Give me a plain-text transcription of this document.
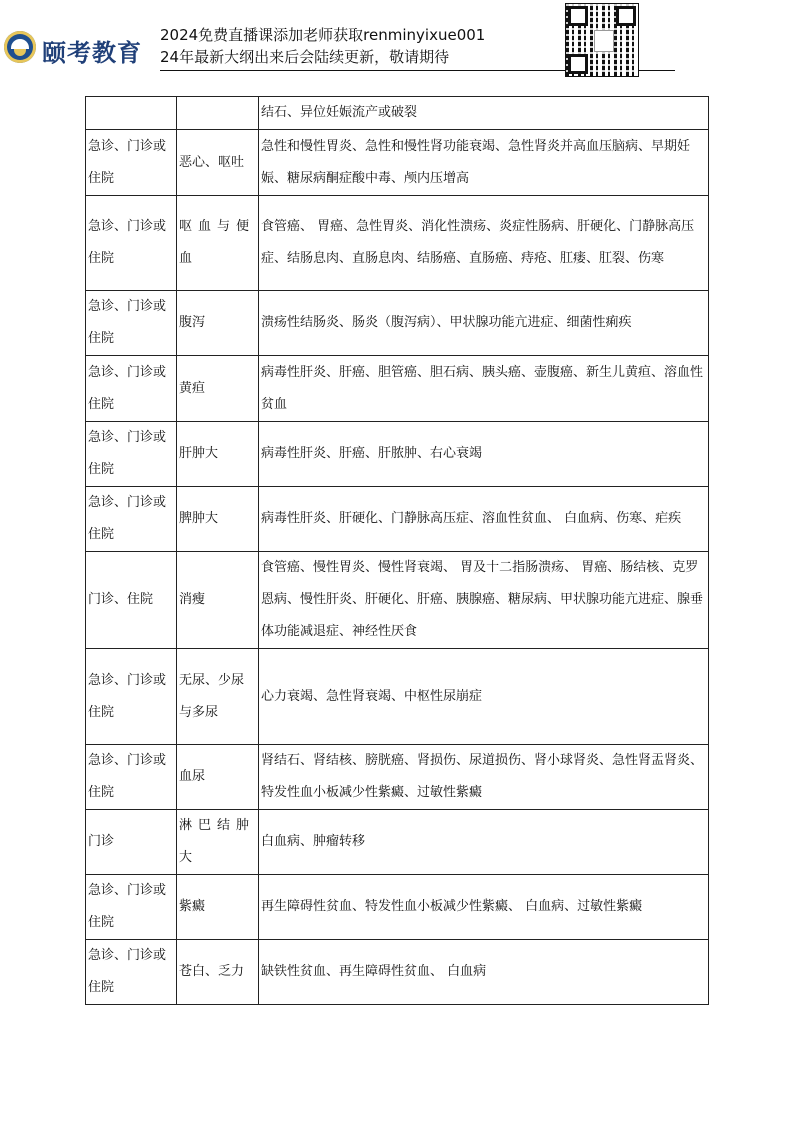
颐考教育
2024免费直播课添加老师获取renminyixue001
24年最新大纲出来后会陆续更新，敬请期待
		结石、异位妊娠流产或破裂
急诊、门诊或住院	恶心、呕吐	急性和慢性胃炎、急性和慢性肾功能衰竭、急性肾炎并高血压脑病、早期妊娠、糖尿病酮症酸中毒、颅内压增高
急诊、门诊或住院	呕血与便血	食管癌、 胃癌、急性胃炎、消化性溃疡、炎症性肠病、肝硬化、门静脉高压症、结肠息肉、直肠息肉、结肠癌、直肠癌、痔疮、肛瘘、肛裂、伤寒
急诊、门诊或住院	腹泻	溃疡性结肠炎、肠炎（腹泻病）、甲状腺功能亢进症、细菌性痢疾
急诊、门诊或住院	黄疸	病毒性肝炎、肝癌、胆管癌、胆石病、胰头癌、壶腹癌、新生儿黄疸、溶血性贫血
急诊、门诊或住院	肝肿大	病毒性肝炎、肝癌、肝脓肿、右心衰竭
急诊、门诊或住院	脾肿大	病毒性肝炎、肝硬化、门静脉高压症、溶血性贫血、 白血病、伤寒、疟疾
门诊、住院	消瘦	食管癌、慢性胃炎、慢性肾衰竭、 胃及十二指肠溃疡、 胃癌、肠结核、克罗恩病、慢性肝炎、肝硬化、肝癌、胰腺癌、糖尿病、甲状腺功能亢进症、腺垂体功能减退症、神经性厌食
急诊、门诊或住院	无尿、少尿与多尿	心力衰竭、急性肾衰竭、中枢性尿崩症
急诊、门诊或住院	血尿	肾结石、肾结核、膀胱癌、肾损伤、尿道损伤、肾小球肾炎、急性肾盂肾炎、特发性血小板减少性紫癜、过敏性紫癜
门诊	淋巴结肿大	白血病、肿瘤转移
急诊、门诊或住院	紫癜	再生障碍性贫血、特发性血小板减少性紫癜、 白血病、过敏性紫癜
急诊、门诊或住院	苍白、乏力	缺铁性贫血、再生障碍性贫血、 白血病
